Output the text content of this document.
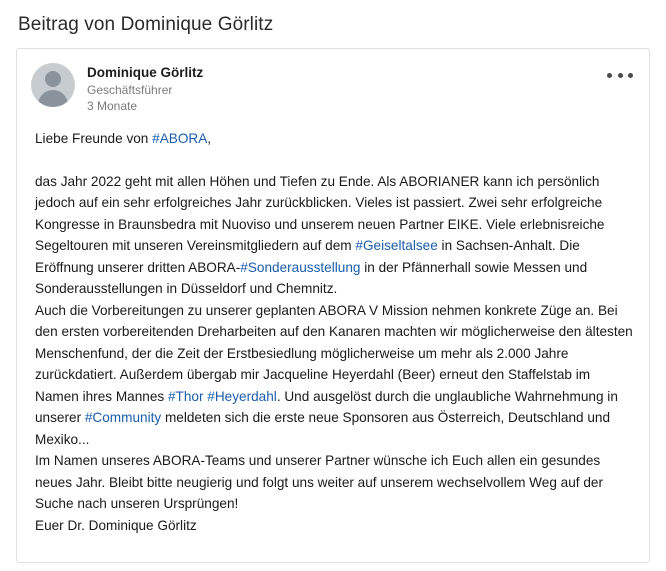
Beitrag von Dominique Görlitz
Dominique Görlitz
Geschäftsführer
3 Monate

Liebe Freunde von #ABORA,

das Jahr 2022 geht mit allen Höhen und Tiefen zu Ende. Als ABORIANER kann ich persönlich jedoch auf ein sehr erfolgreiches Jahr zurückblicken. Vieles ist passiert. Zwei sehr erfolgreiche Kongresse in Braunsbedra mit Nuoviso und unserem neuen Partner EIKE. Viele erlebnisreiche Segeltouren mit unseren Vereinsmitgliedern auf dem #Geiseltalsee in Sachsen-Anhalt. Die Eröffnung unserer dritten ABORA-#Sonderausstellung in der Pfännerhall sowie Messen und Sonderausstellungen in Düsseldorf und Chemnitz.

Auch die Vorbereitungen zu unserer geplanten ABORA V Mission nehmen konkrete Züge an. Bei den ersten vorbereitenden Dreharbeiten auf den Kanaren machten wir möglicherweise den ältesten Menschenfund, der die Zeit der Erstbesiedlung möglicherweise um mehr als 2.000 Jahre zurückdatiert. Außerdem übergab mir Jacqueline Heyerdahl (Beer) erneut den Staffelstab im Namen ihres Mannes #Thor #Heyerdahl. Und ausgelöst durch die unglaubliche Wahrnehmung in unserer #Community meldeten sich die erste neue Sponsoren aus Österreich, Deutschland und Mexiko...

Im Namen unseres ABORA-Teams und unserer Partner wünsche ich Euch allen ein gesundes neues Jahr. Bleibt bitte neugierig und folgt uns weiter auf unserem wechselvollem Weg auf der Suche nach unseren Ursprüngen!

Euer Dr. Dominique Görlitz
